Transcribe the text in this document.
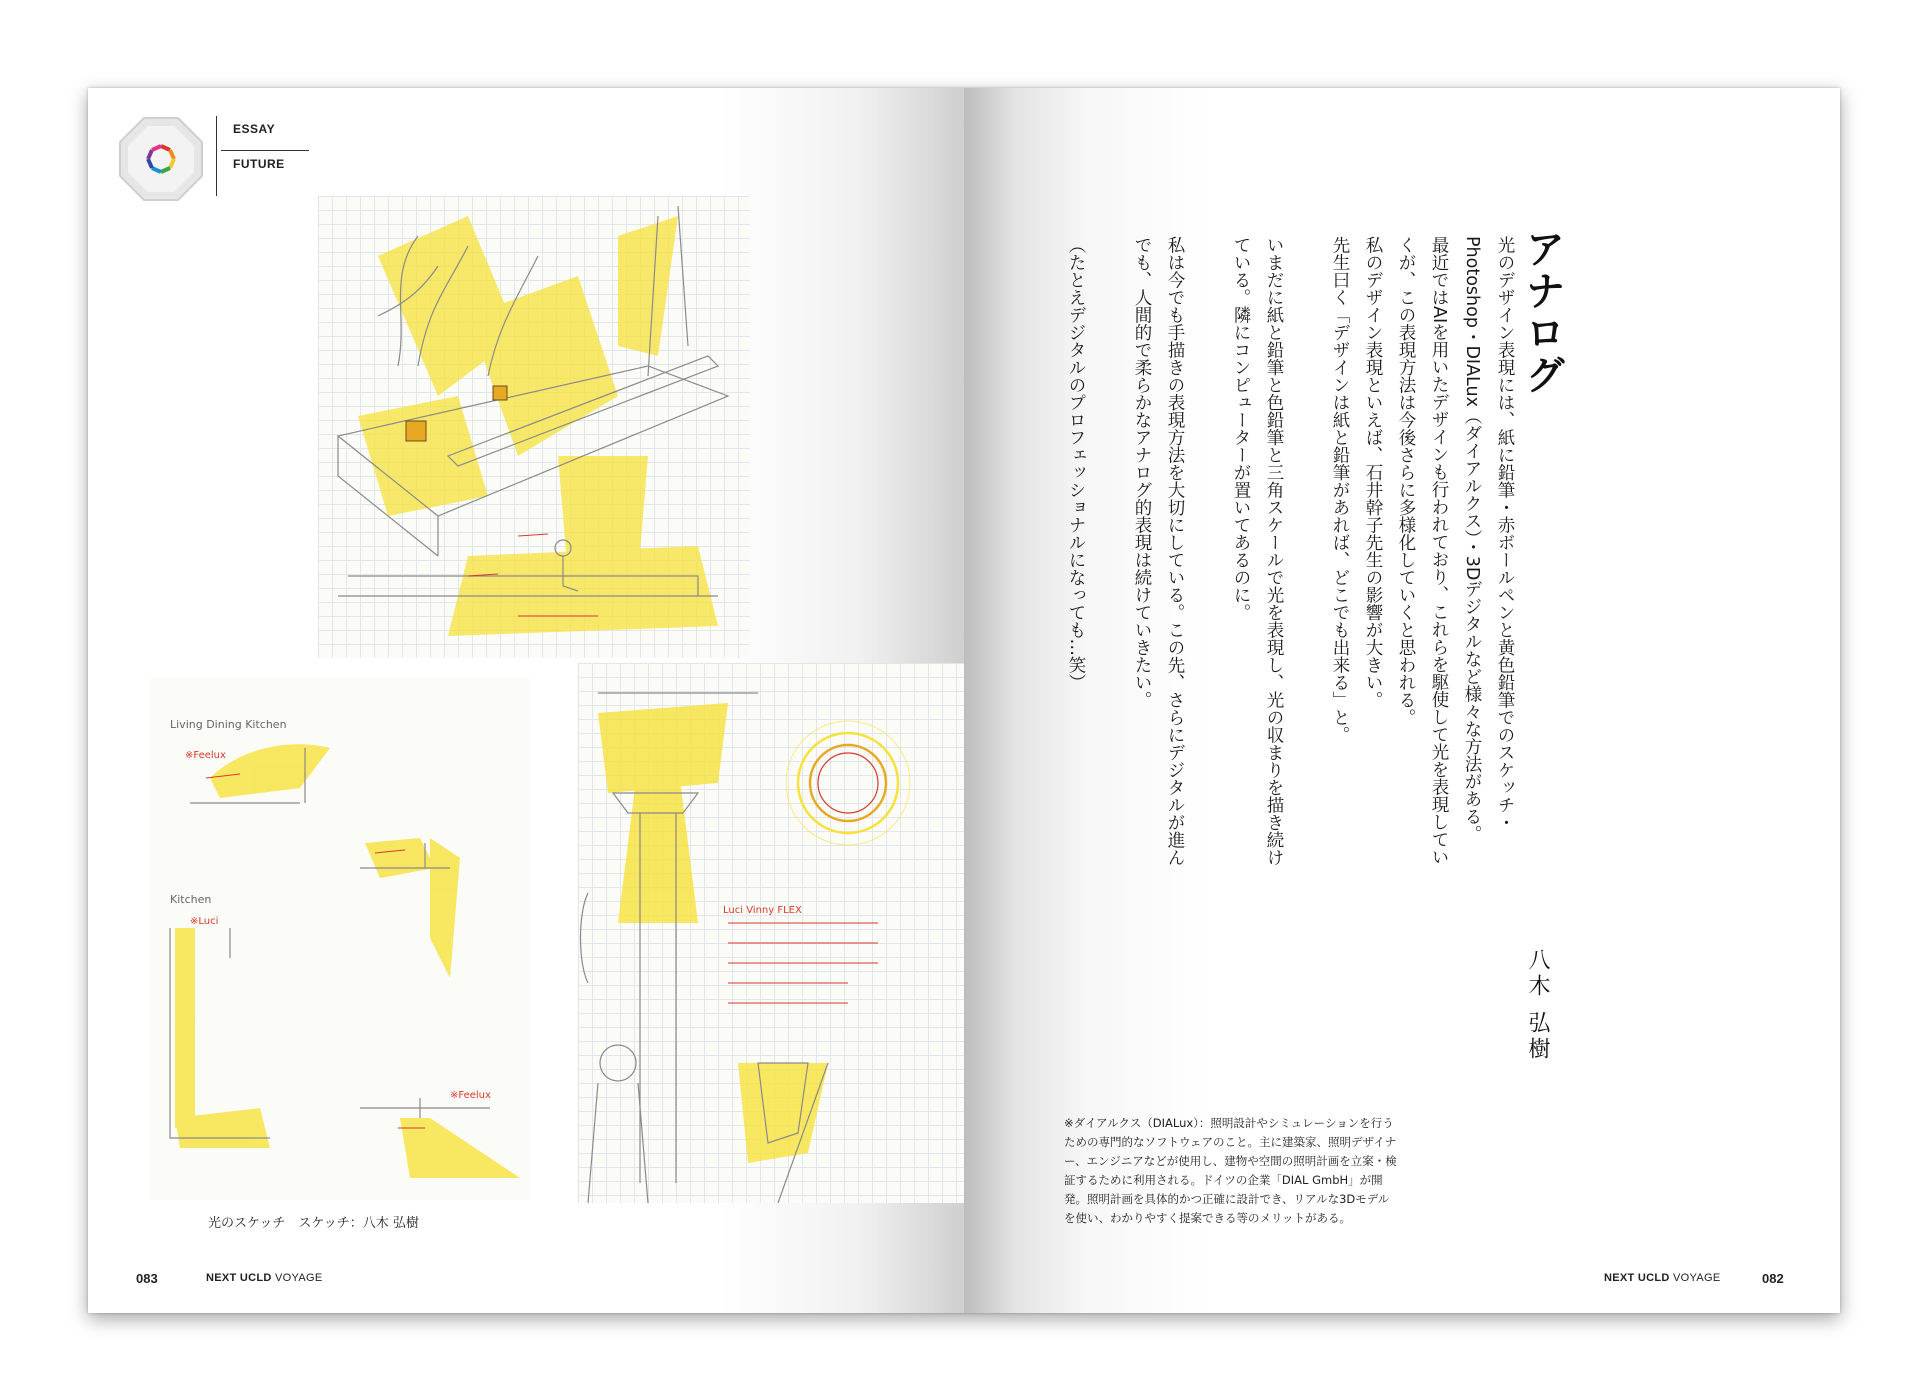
ESSAY
FUTURE
Living Dining Kitchen
※Feelux
Kitchen
※Luci
※Feelux
Luci Vinny FLEX
光のスケッチ　スケッチ：八木 弘樹
083	NEXT UCLD VOYAGE
アナログ

光のデザイン表現には、紙に鉛筆・赤ボールペンと黄色鉛筆でのスケッチ・Photoshop・DIALux（ダイアルクス）・3Dデジタルなど様々な方法がある。

最近ではAIを用いたデザインも行われており、これらを駆使して光を表現していくが、この表現方法は今後さらに多様化していくと思われる。

私のデザイン表現といえば、石井幹子先生の影響が大きい。

先生曰く「デザインは紙と鉛筆があれば、どこでも出来る」と。

いまだに紙と鉛筆と色鉛筆と三角スケールで光を表現し、光の収まりを描き続けている。隣にコンピューターが置いてあるのに。

私は今でも手描きの表現方法を大切にしている。この先、さらにデジタルが進んでも、人間的で柔らかなアナログ的表現は続けていきたい。

（たとえデジタルのプロフェッショナルになっても…笑）

八木 弘樹
※ダイアルクス（DIALux）：照明設計やシミュレーションを行うための専門的なソフトウェアのこと。主に建築家、照明デザイナー、エンジニアなどが使用し、建物や空間の照明計画を立案・検証するために利用される。ドイツの企業「DIAL GmbH」が開発。照明計画を具体的かつ正確に設計でき、リアルな3Dモデルを使い、わかりやすく提案できる等のメリットがある。
NEXT UCLD VOYAGE	082
